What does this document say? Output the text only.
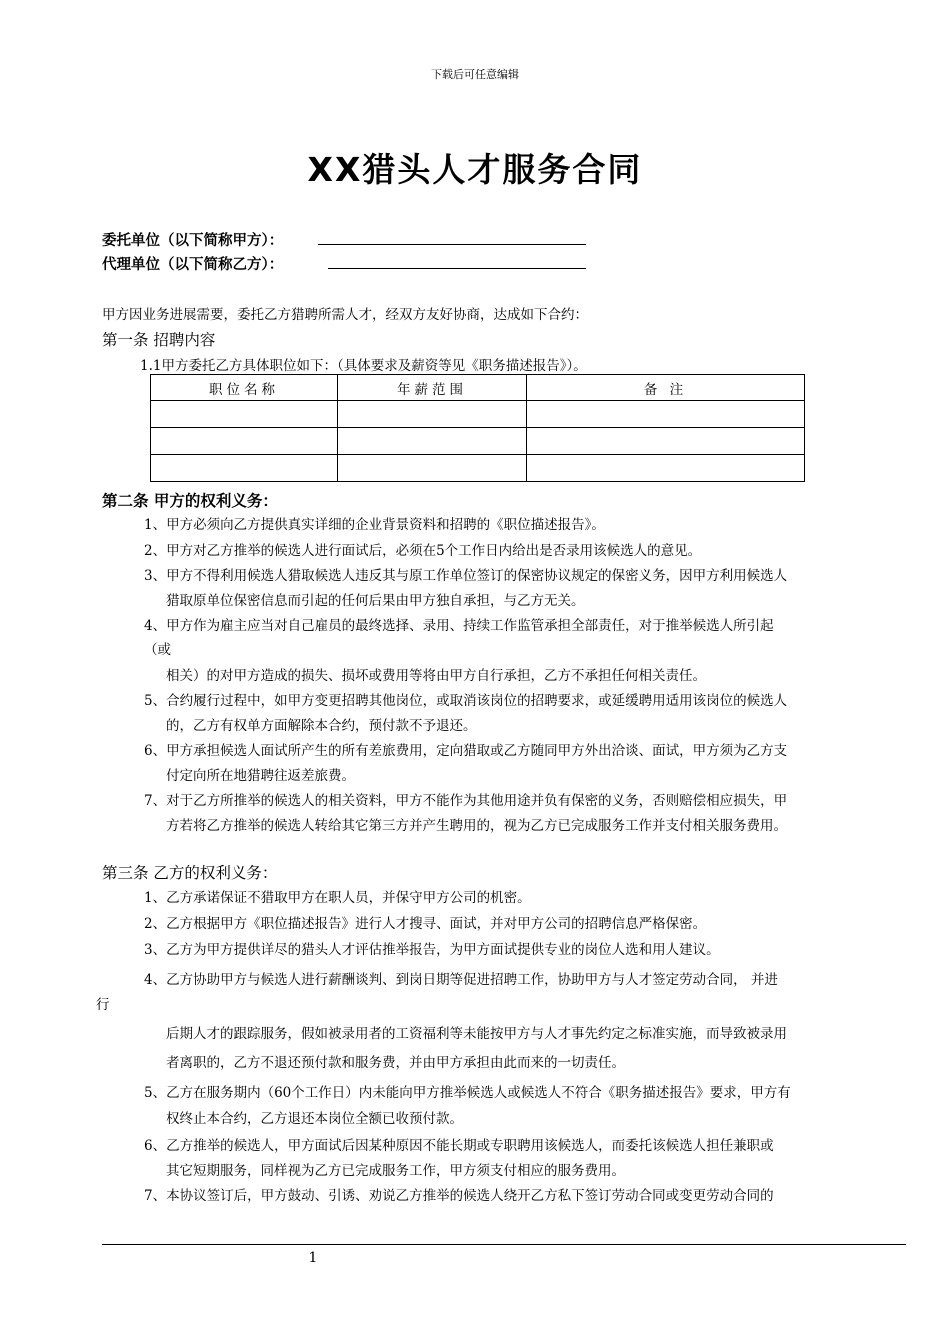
下载后可任意编辑
XX猎头人才服务合同
委托单位（以下简称甲方）：
代理单位（以下简称乙方）：
甲方因业务进展需要，委托乙方猎聘所需人才，经双方友好协商，达成如下合约：
第一条 招聘内容
1.1甲方委托乙方具体职位如下：（具体要求及薪资等见《职务描述报告》）。
职位名称	年薪范围	备 注

第二条 甲方的权利义务：
1、甲方必须向乙方提供真实详细的企业背景资料和招聘的《职位描述报告》。
2、甲方对乙方推举的候选人进行面试后，必须在5个工作日内给出是否录用该候选人的意见。
3、甲方不得利用候选人猎取候选人违反其与原工作单位签订的保密协议规定的保密义务，因甲方利用候选人
猎取原单位保密信息而引起的任何后果由甲方独自承担，与乙方无关。
4、甲方作为雇主应当对自己雇员的最终选择、录用、持续工作监管承担全部责任，对于推举候选人所引起
（或
相关）的对甲方造成的损失、损坏或费用等将由甲方自行承担，乙方不承担任何相关责任。
5、合约履行过程中，如甲方变更招聘其他岗位，或取消该岗位的招聘要求，或延缓聘用适用该岗位的候选人
的，乙方有权单方面解除本合约，预付款不予退还。
6、甲方承担候选人面试所产生的所有差旅费用，定向猎取或乙方随同甲方外出洽谈、面试，甲方须为乙方支
付定向所在地猎聘往返差旅费。
7、对于乙方所推举的候选人的相关资料，甲方不能作为其他用途并负有保密的义务，否则赔偿相应损失，甲
方若将乙方推举的候选人转给其它第三方并产生聘用的，视为乙方已完成服务工作并支付相关服务费用。
第三条 乙方的权利义务：
1、乙方承诺保证不猎取甲方在职人员，并保守甲方公司的机密。
2、乙方根据甲方《职位描述报告》进行人才搜寻、面试，并对甲方公司的招聘信息严格保密。
3、乙方为甲方提供详尽的猎头人才评估推举报告，为甲方面试提供专业的岗位人选和用人建议。
4、乙方协助甲方与候选人进行薪酬谈判、到岗日期等促进招聘工作，协助甲方与人才签定劳动合同， 并进
行
后期人才的跟踪服务，假如被录用者的工资福利等未能按甲方与人才事先约定之标准实施，而导致被录用
者离职的，乙方不退还预付款和服务费，并由甲方承担由此而来的一切责任。
5、乙方在服务期内（60个工作日）内未能向甲方推举候选人或候选人不符合《职务描述报告》要求，甲方有
权终止本合约，乙方退还本岗位全额已收预付款。
6、乙方推举的候选人，甲方面试后因某种原因不能长期或专职聘用该候选人，而委托该候选人担任兼职或
其它短期服务，同样视为乙方已完成服务工作，甲方须支付相应的服务费用。
7、本协议签订后，甲方鼓动、引诱、劝说乙方推举的候选人绕开乙方私下签订劳动合同或变更劳动合同的
1
